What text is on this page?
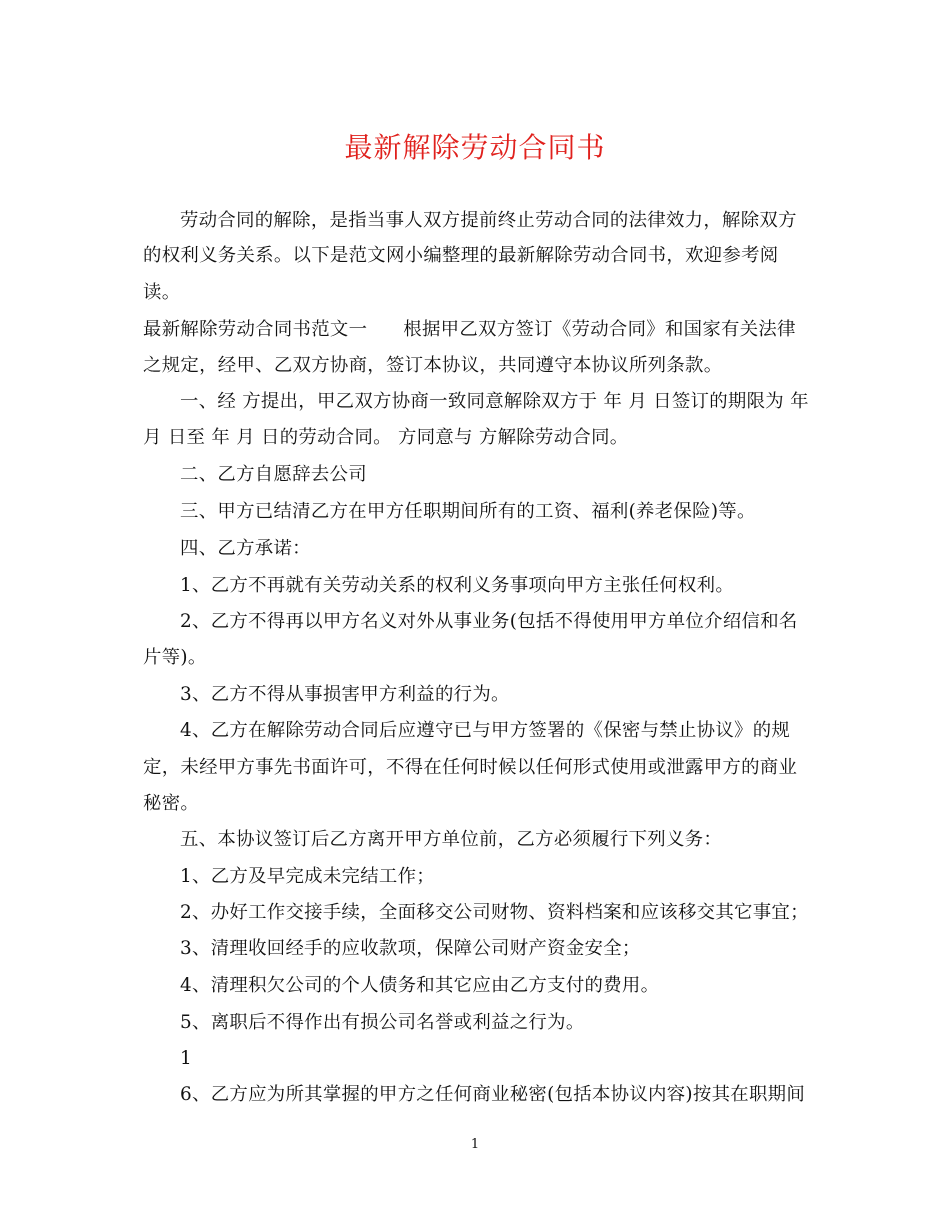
最新解除劳动合同书
劳动合同的解除，是指当事人双方提前终止劳动合同的法律效力，解除双方
的权利义务关系。以下是范文网小编整理的最新解除劳动合同书，欢迎参考阅
读。
最新解除劳动合同书范文一 根据甲乙双方签订《劳动合同》和国家有关法律
之规定，经甲、乙双方协商，签订本协议，共同遵守本协议所列条款。
一、经 方提出，甲乙双方协商一致同意解除双方于 年 月 日签订的期限为 年
月 日至 年 月 日的劳动合同。 方同意与 方解除劳动合同。
二、乙方自愿辞去公司
三、甲方已结清乙方在甲方任职期间所有的工资、福利(养老保险)等。
四、乙方承诺：
1、乙方不再就有关劳动关系的权利义务事项向甲方主张任何权利。
2、乙方不得再以甲方名义对外从事业务(包括不得使用甲方单位介绍信和名
片等)。
3、乙方不得从事损害甲方利益的行为。
4、乙方在解除劳动合同后应遵守已与甲方签署的《保密与禁止协议》的规
定，未经甲方事先书面许可，不得在任何时候以任何形式使用或泄露甲方的商业
秘密。
五、本协议签订后乙方离开甲方单位前，乙方必须履行下列义务：
1、乙方及早完成未完结工作；
2、办好工作交接手续，全面移交公司财物、资料档案和应该移交其它事宜；
3、清理收回经手的应收款项，保障公司财产资金安全；
4、清理积欠公司的个人债务和其它应由乙方支付的费用。
5、离职后不得作出有损公司名誉或利益之行为。
1
6、乙方应为所其掌握的甲方之任何商业秘密(包括本协议内容)按其在职期间
1
